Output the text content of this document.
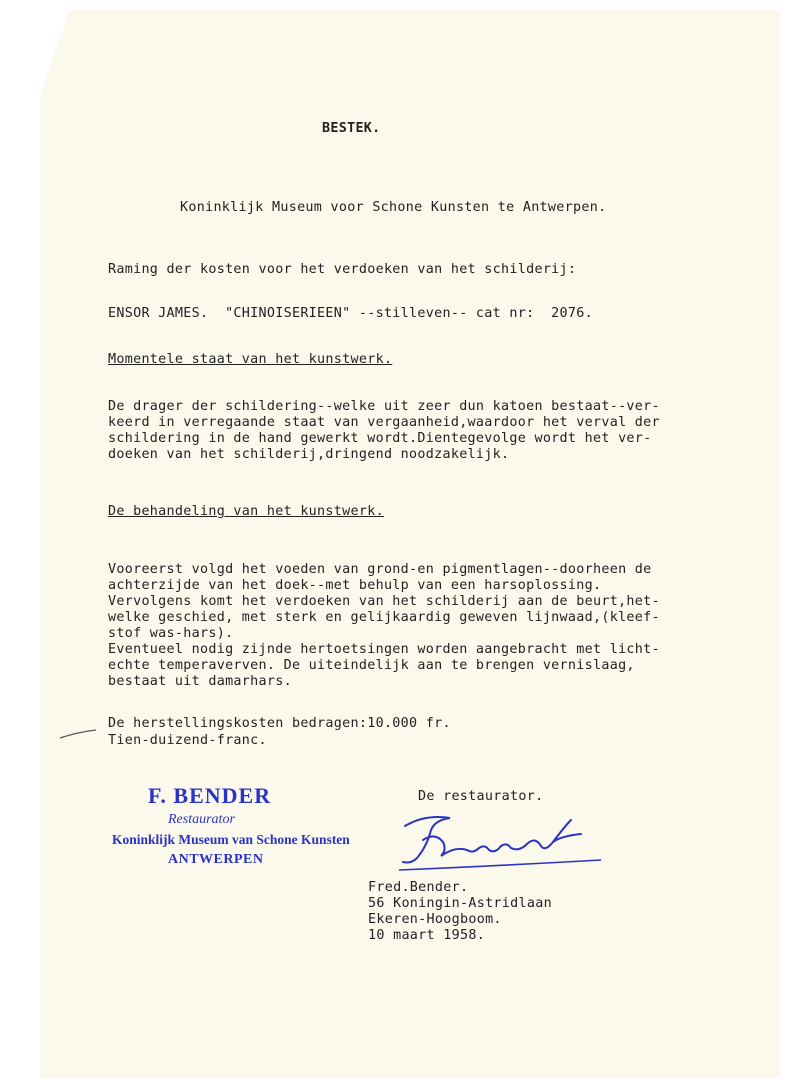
BESTEK.
Koninklijk Museum voor Schone Kunsten te Antwerpen.
Raming der kosten voor het verdoeken van het schilderij:
ENSOR JAMES.  "CHINOISERIEEN" --stilleven-- cat nr:  2076.
Momentele staat van het kunstwerk.
De drager der schildering--welke uit zeer dun katoen bestaat--ver-
keerd in verregaande staat van vergaanheid,waardoor het verval der
schildering in de hand gewerkt wordt.Dientegevolge wordt het ver-
doeken van het schilderij,dringend noodzakelijk.
De behandeling van het kunstwerk.
Vooreerst volgd het voeden van grond-en pigmentlagen--doorheen de
achterzijde van het doek--met behulp van een harsoplossing.
Vervolgens komt het verdoeken van het schilderij aan de beurt,het-
welke geschied, met sterk en gelijkaardig geweven lijnwaad,(kleef-
stof was-hars).
Eventueel nodig zijnde hertoetsingen worden aangebracht met licht-
echte temperaverven. De uiteindelijk aan te brengen vernislaag,
bestaat uit damarhars.
De herstellingskosten bedragen:10.000 fr.
Tien-duizend-franc.
F. BENDER
Restaurator
Koninklijk Museum van Schone Kunsten
ANTWERPEN
De restaurator.
Fred.Bender.
56 Koningin-Astridlaan
Ekeren-Hoogboom.
10 maart 1958.
